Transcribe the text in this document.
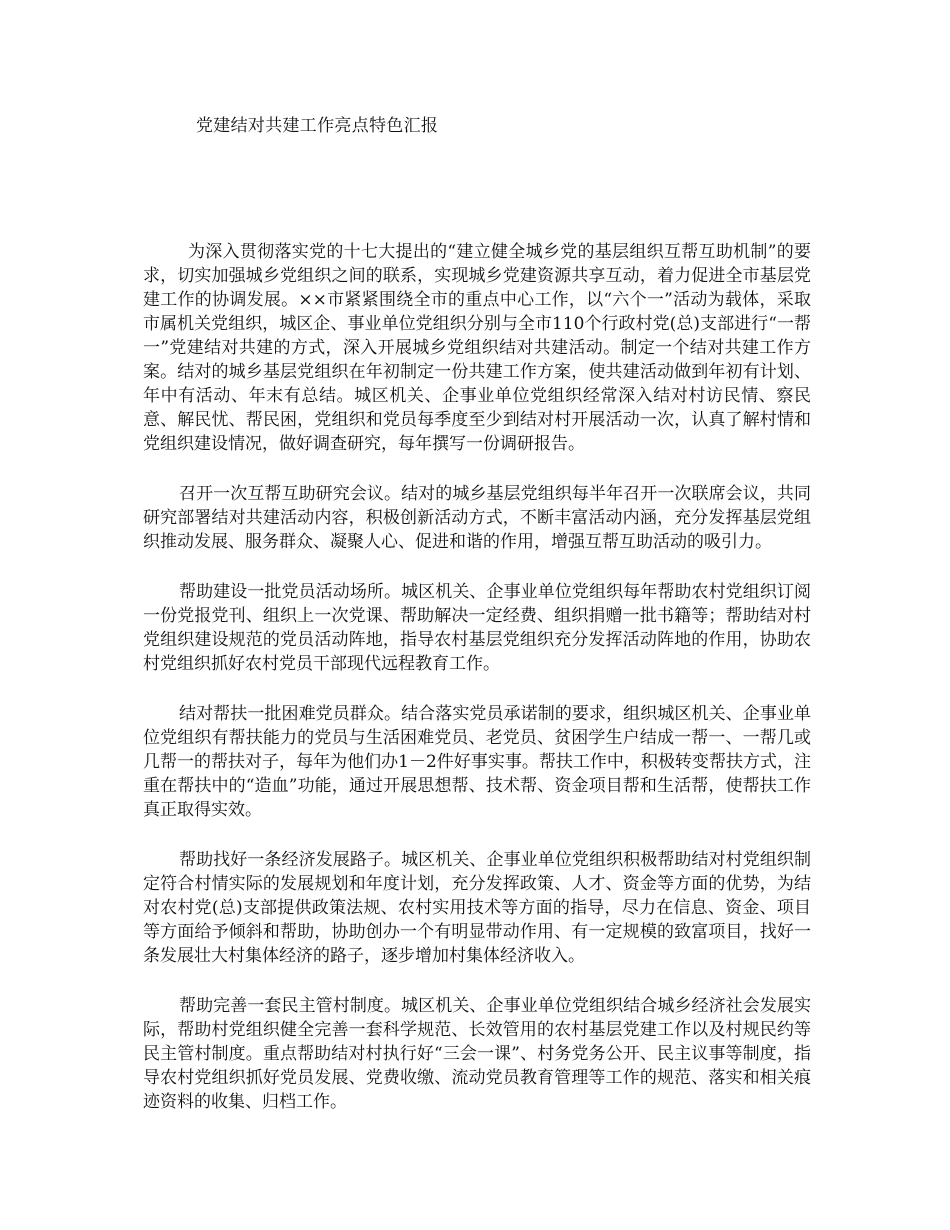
党建结对共建工作亮点特色汇报

为深入贯彻落实党的十七大提出的“建立健全城乡党的基层组织互帮互助机制”的要求，切实加强城乡党组织之间的联系，实现城乡党建资源共享互动，着力促进全市基层党建工作的协调发展。××市紧紧围绕全市的重点中心工作，以“六个一”活动为载体，采取市属机关党组织，城区企、事业单位党组织分别与全市110个行政村党(总)支部进行“一帮一”党建结对共建的方式，深入开展城乡党组织结对共建活动。制定一个结对共建工作方案。结对的城乡基层党组织在年初制定一份共建工作方案，使共建活动做到年初有计划、年中有活动、年末有总结。城区机关、企事业单位党组织经常深入结对村访民情、察民意、解民忧、帮民困，党组织和党员每季度至少到结对村开展活动一次，认真了解村情和党组织建设情况，做好调查研究，每年撰写一份调研报告。

召开一次互帮互助研究会议。结对的城乡基层党组织每半年召开一次联席会议，共同研究部署结对共建活动内容，积极创新活动方式，不断丰富活动内涵，充分发挥基层党组织推动发展、服务群众、凝聚人心、促进和谐的作用，增强互帮互助活动的吸引力。

帮助建设一批党员活动场所。城区机关、企事业单位党组织每年帮助农村党组织订阅一份党报党刊、组织上一次党课、帮助解决一定经费、组织捐赠一批书籍等；帮助结对村党组织建设规范的党员活动阵地，指导农村基层党组织充分发挥活动阵地的作用，协助农村党组织抓好农村党员干部现代远程教育工作。

结对帮扶一批困难党员群众。结合落实党员承诺制的要求，组织城区机关、企事业单位党组织有帮扶能力的党员与生活困难党员、老党员、贫困学生户结成一帮一、一帮几或几帮一的帮扶对子，每年为他们办1－2件好事实事。帮扶工作中，积极转变帮扶方式，注重在帮扶中的“造血”功能，通过开展思想帮、技术帮、资金项目帮和生活帮，使帮扶工作真正取得实效。

帮助找好一条经济发展路子。城区机关、企事业单位党组织积极帮助结对村党组织制定符合村情实际的发展规划和年度计划，充分发挥政策、人才、资金等方面的优势，为结对农村党(总)支部提供政策法规、农村实用技术等方面的指导，尽力在信息、资金、项目等方面给予倾斜和帮助，协助创办一个有明显带动作用、有一定规模的致富项目，找好一条发展壮大村集体经济的路子，逐步增加村集体经济收入。

帮助完善一套民主管村制度。城区机关、企事业单位党组织结合城乡经济社会发展实际，帮助村党组织健全完善一套科学规范、长效管用的农村基层党建工作以及村规民约等民主管村制度。重点帮助结对村执行好“三会一课”、村务党务公开、民主议事等制度，指导农村党组织抓好党员发展、党费收缴、流动党员教育管理等工作的规范、落实和相关痕迹资料的收集、归档工作。
